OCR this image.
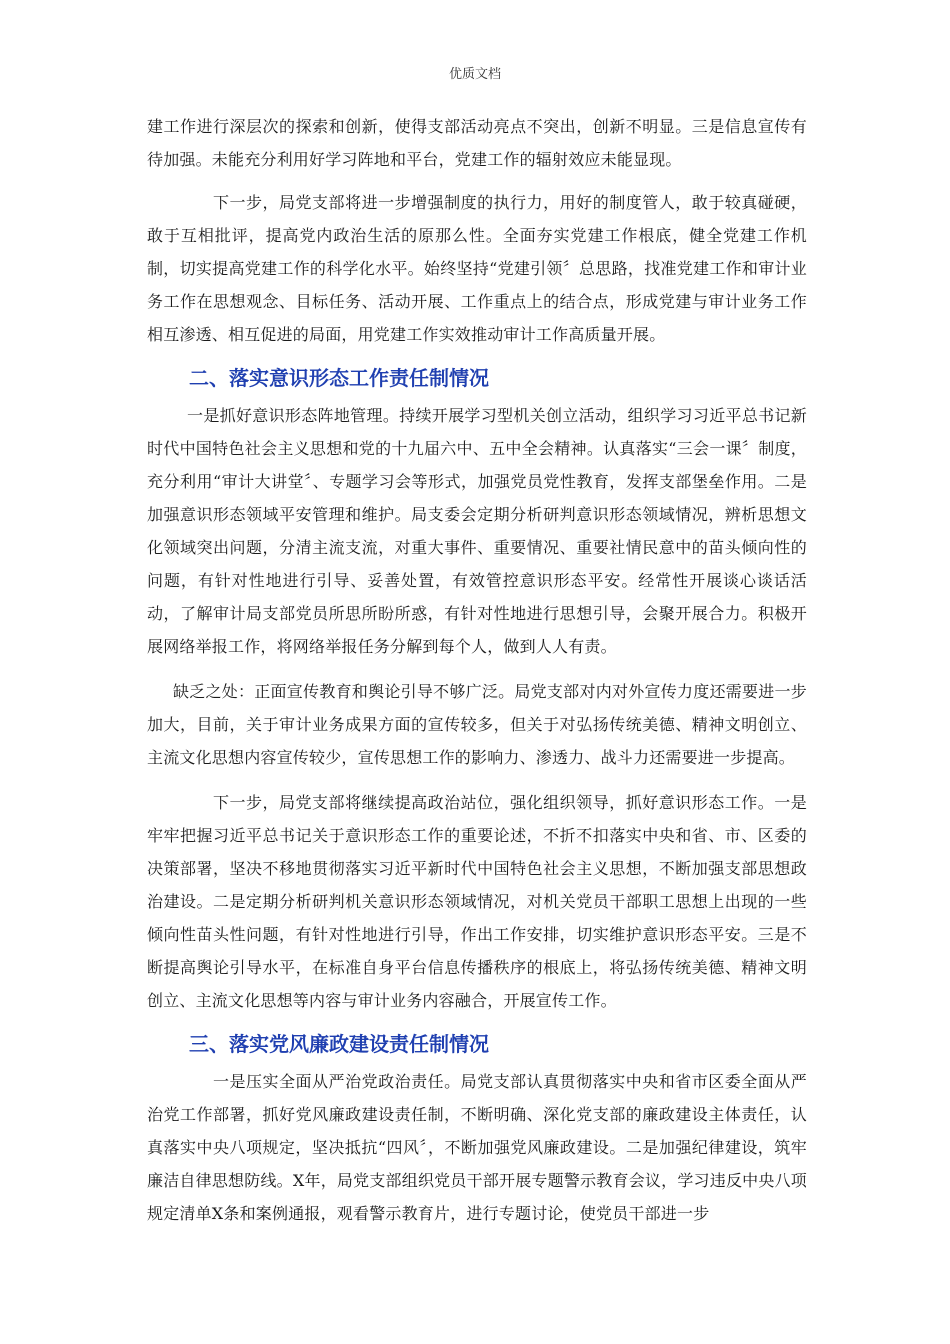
优质文档

建工作进行深层次的探索和创新，使得支部活动亮点不突出，创新不明显。三是信息宣传有待加强。未能充分利用好学习阵地和平台，党建工作的辐射效应未能显现。

下一步，局党支部将进一步增强制度的执行力，用好的制度管人，敢于较真碰硬，敢于互相批评，提高党内政治生活的原那么性。全面夯实党建工作根底，健全党建工作机制，切实提高党建工作的科学化水平。始终坚持“党建引领〞总思路，找准党建工作和审计业务工作在思想观念、目标任务、活动开展、工作重点上的结合点，形成党建与审计业务工作相互渗透、相互促进的局面，用党建工作实效推动审计工作高质量开展。

二、落实意识形态工作责任制情况

一是抓好意识形态阵地管理。持续开展学习型机关创立活动，组织学习习近平总书记新时代中国特色社会主义思想和党的十九届六中、五中全会精神。认真落实“三会一课〞制度，充分利用“审计大讲堂〞、专题学习会等形式，加强党员党性教育，发挥支部堡垒作用。二是加强意识形态领域平安管理和维护。局支委会定期分析研判意识形态领域情况，辨析思想文化领域突出问题，分清主流支流，对重大事件、重要情况、重要社情民意中的苗头倾向性的问题，有针对性地进行引导、妥善处置，有效管控意识形态平安。经常性开展谈心谈话活动，了解审计局支部党员所思所盼所惑，有针对性地进行思想引导，会聚开展合力。积极开展网络举报工作，将网络举报任务分解到每个人，做到人人有责。

缺乏之处：正面宣传教育和舆论引导不够广泛。局党支部对内对外宣传力度还需要进一步加大，目前，关于审计业务成果方面的宣传较多，但关于对弘扬传统美德、精神文明创立、主流文化思想内容宣传较少，宣传思想工作的影响力、渗透力、战斗力还需要进一步提高。

下一步，局党支部将继续提高政治站位，强化组织领导，抓好意识形态工作。一是牢牢把握习近平总书记关于意识形态工作的重要论述，不折不扣落实中央和省、市、区委的决策部署，坚决不移地贯彻落实习近平新时代中国特色社会主义思想，不断加强支部思想政治建设。二是定期分析研判机关意识形态领域情况，对机关党员干部职工思想上出现的一些倾向性苗头性问题，有针对性地进行引导，作出工作安排，切实维护意识形态平安。三是不断提高舆论引导水平，在标准自身平台信息传播秩序的根底上，将弘扬传统美德、精神文明创立、主流文化思想等内容与审计业务内容融合，开展宣传工作。

三、落实党风廉政建设责任制情况

一是压实全面从严治党政治责任。局党支部认真贯彻落实中央和省市区委全面从严治党工作部署，抓好党风廉政建设责任制，不断明确、深化党支部的廉政建设主体责任，认真落实中央八项规定，坚决抵抗“四风〞，不断加强党风廉政建设。二是加强纪律建设，筑牢廉洁自律思想防线。X年，局党支部组织党员干部开展专题警示教育会议，学习违反中央八项规定清单X条和案例通报，观看警示教育片，进行专题讨论，使党员干部进一步
